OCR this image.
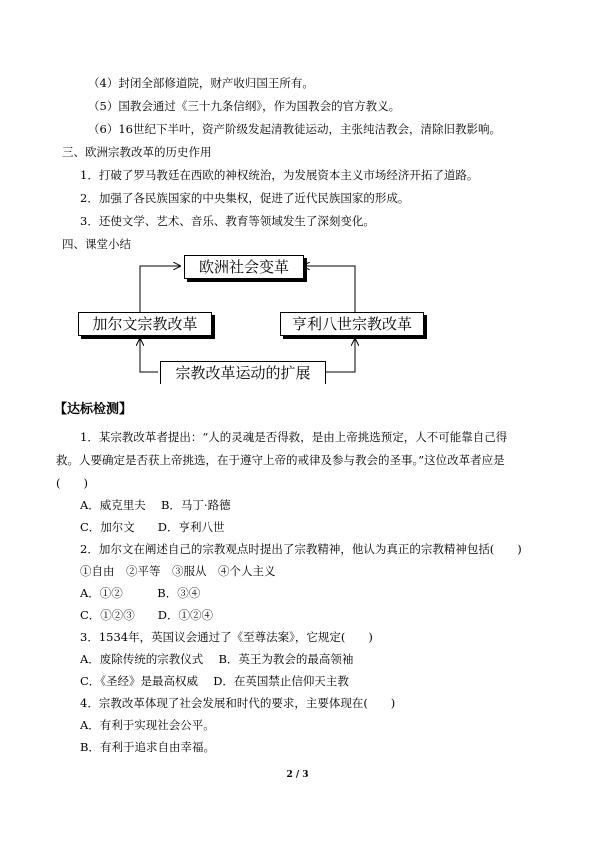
（4）封闭全部修道院，财产收归国王所有。
（5）国教会通过《三十九条信纲》，作为国教会的官方教义。
（6）16世纪下半叶，资产阶级发起清教徒运动，主张纯洁教会，清除旧教影响。
三、欧洲宗教改革的历史作用
1．打破了罗马教廷在西欧的神权统治，为发展资本主义市场经济开拓了道路。
2．加强了各民族国家的中央集权，促进了近代民族国家的形成。
3．还使文学、艺术、音乐、教育等领域发生了深刻变化。
四、课堂小结
欧洲社会变革
加尔文宗教改革	亨利八世宗教改革
宗教改革运动的扩展
【达标检测】
1．某宗教改革者提出：“人的灵魂是否得救，是由上帝挑选预定，人不可能靠自己得
救。人要确定是否获上帝挑选，在于遵守上帝的戒律及参与教会的圣事。”这位改革者应是
(　　)
A．威克里夫　 B．马丁·路德
C．加尔文　　D．亨利八世
2．加尔文在阐述自己的宗教观点时提出了宗教精神，他认为真正的宗教精神包括(　　)
①自由　②平等　③服从　④个人主义
A．①②　　　B．③④
C．①②③　　D．①②④
3．1534年，英国议会通过了《至尊法案》，它规定(　　)
A．废除传统的宗教仪式　 B．英王为教会的最高领袖
C．《圣经》是最高权威　 D．在英国禁止信仰天主教
4．宗教改革体现了社会发展和时代的要求，主要体现在(　　)
A．有利于实现社会公平。
B．有利于追求自由幸福。
2 / 3
